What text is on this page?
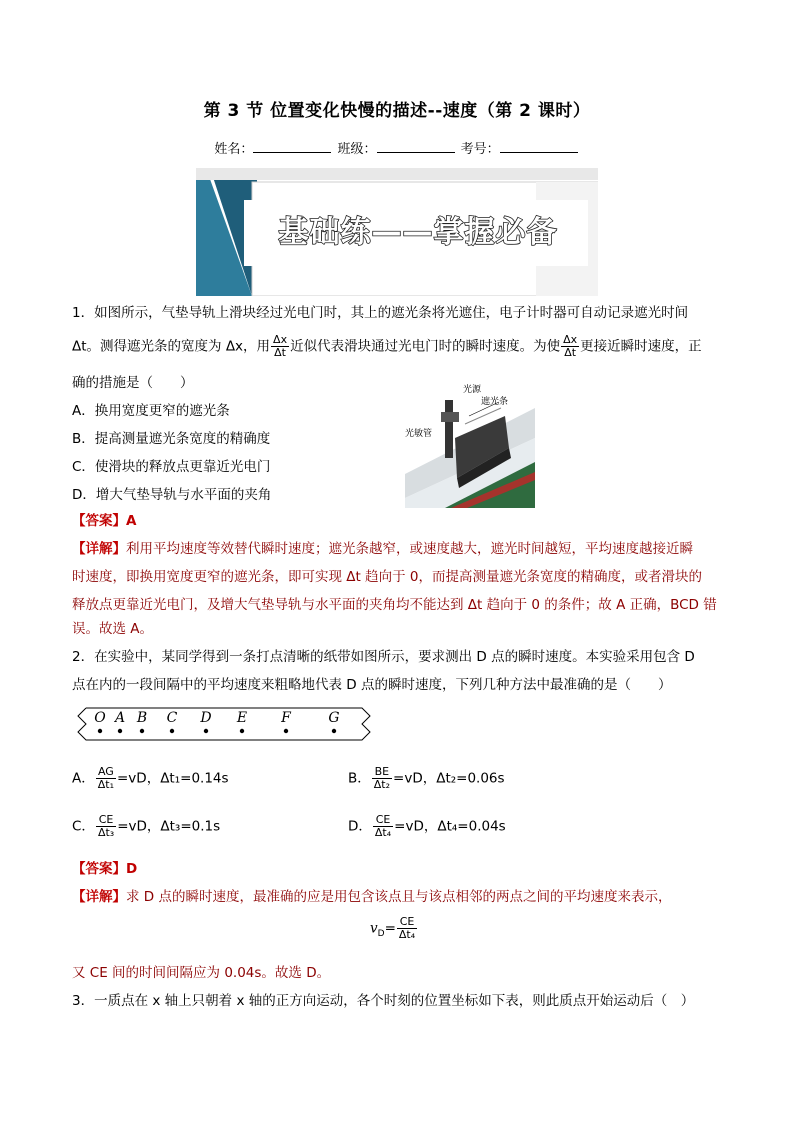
第 3 节 位置变化快慢的描述--速度（第 2 课时）
姓名：	班级：	考号：
基础练——掌握必备
1．如图所示，气垫导轨上滑块经过光电门时，其上的遮光条将光遮住，电子计时器可自动记录遮光时间
Δt。测得遮光条的宽度为 Δx，用 $\frac{\Delta x}{\Delta t}$ 近似代表滑块通过光电门时的瞬时速度。为使 $\frac{\Delta x}{\Delta t}$ 更接近瞬时速度，正
确的措施是（　　）
A．换用宽度更窄的遮光条
B．提高测量遮光条宽度的精确度
C．使滑块的释放点更靠近光电门
D．增大气垫导轨与水平面的夹角
光源
遮光条
光敏管
【答案】A
【详解】利用平均速度等效替代瞬时速度；遮光条越窄，或速度越大，遮光时间越短，平均速度越接近瞬
时速度，即换用宽度更窄的遮光条，即可实现 Δt 趋向于 0，而提高测量遮光条宽度的精确度，或者滑块的
释放点更靠近光电门，及增大气垫导轨与水平面的夹角均不能达到 Δt 趋向于 0 的条件；故 A 正确，BCD 错
误。故选 A。
2．在实验中，某同学得到一条打点清晰的纸带如图所示，要求测出 D 点的瞬时速度。本实验采用包含 D
点在内的一段间隔中的平均速度来粗略地代表 D 点的瞬时速度，下列几种方法中最准确的是（　　）
O A B C D E F	G
A． $\frac{AG}{\text{Δt₁}} =vD$，Δt₁=0.14s	B． $\frac{BE}{\text{Δt₂}} =vD$，Δt₂=0.06s
C． $\frac{CE}{\text{Δt₃}} =vD$，Δt₃=0.1s	D． $\frac{CE}{\text{Δt₄}} =vD$，Δt₄=0.04s
【答案】D
【详解】求 D 点的瞬时速度，最准确的应是用包含该点且与该点相邻的两点之间的平均速度来表示，
$v_D= \frac{CE}{\text{Δt₄}}$
又 CE 间的时间间隔应为 0.04s。故选 D。
3．一质点在 x 轴上只朝着 x 轴的正方向运动，各个时刻的位置坐标如下表，则此质点开始运动后（　）
